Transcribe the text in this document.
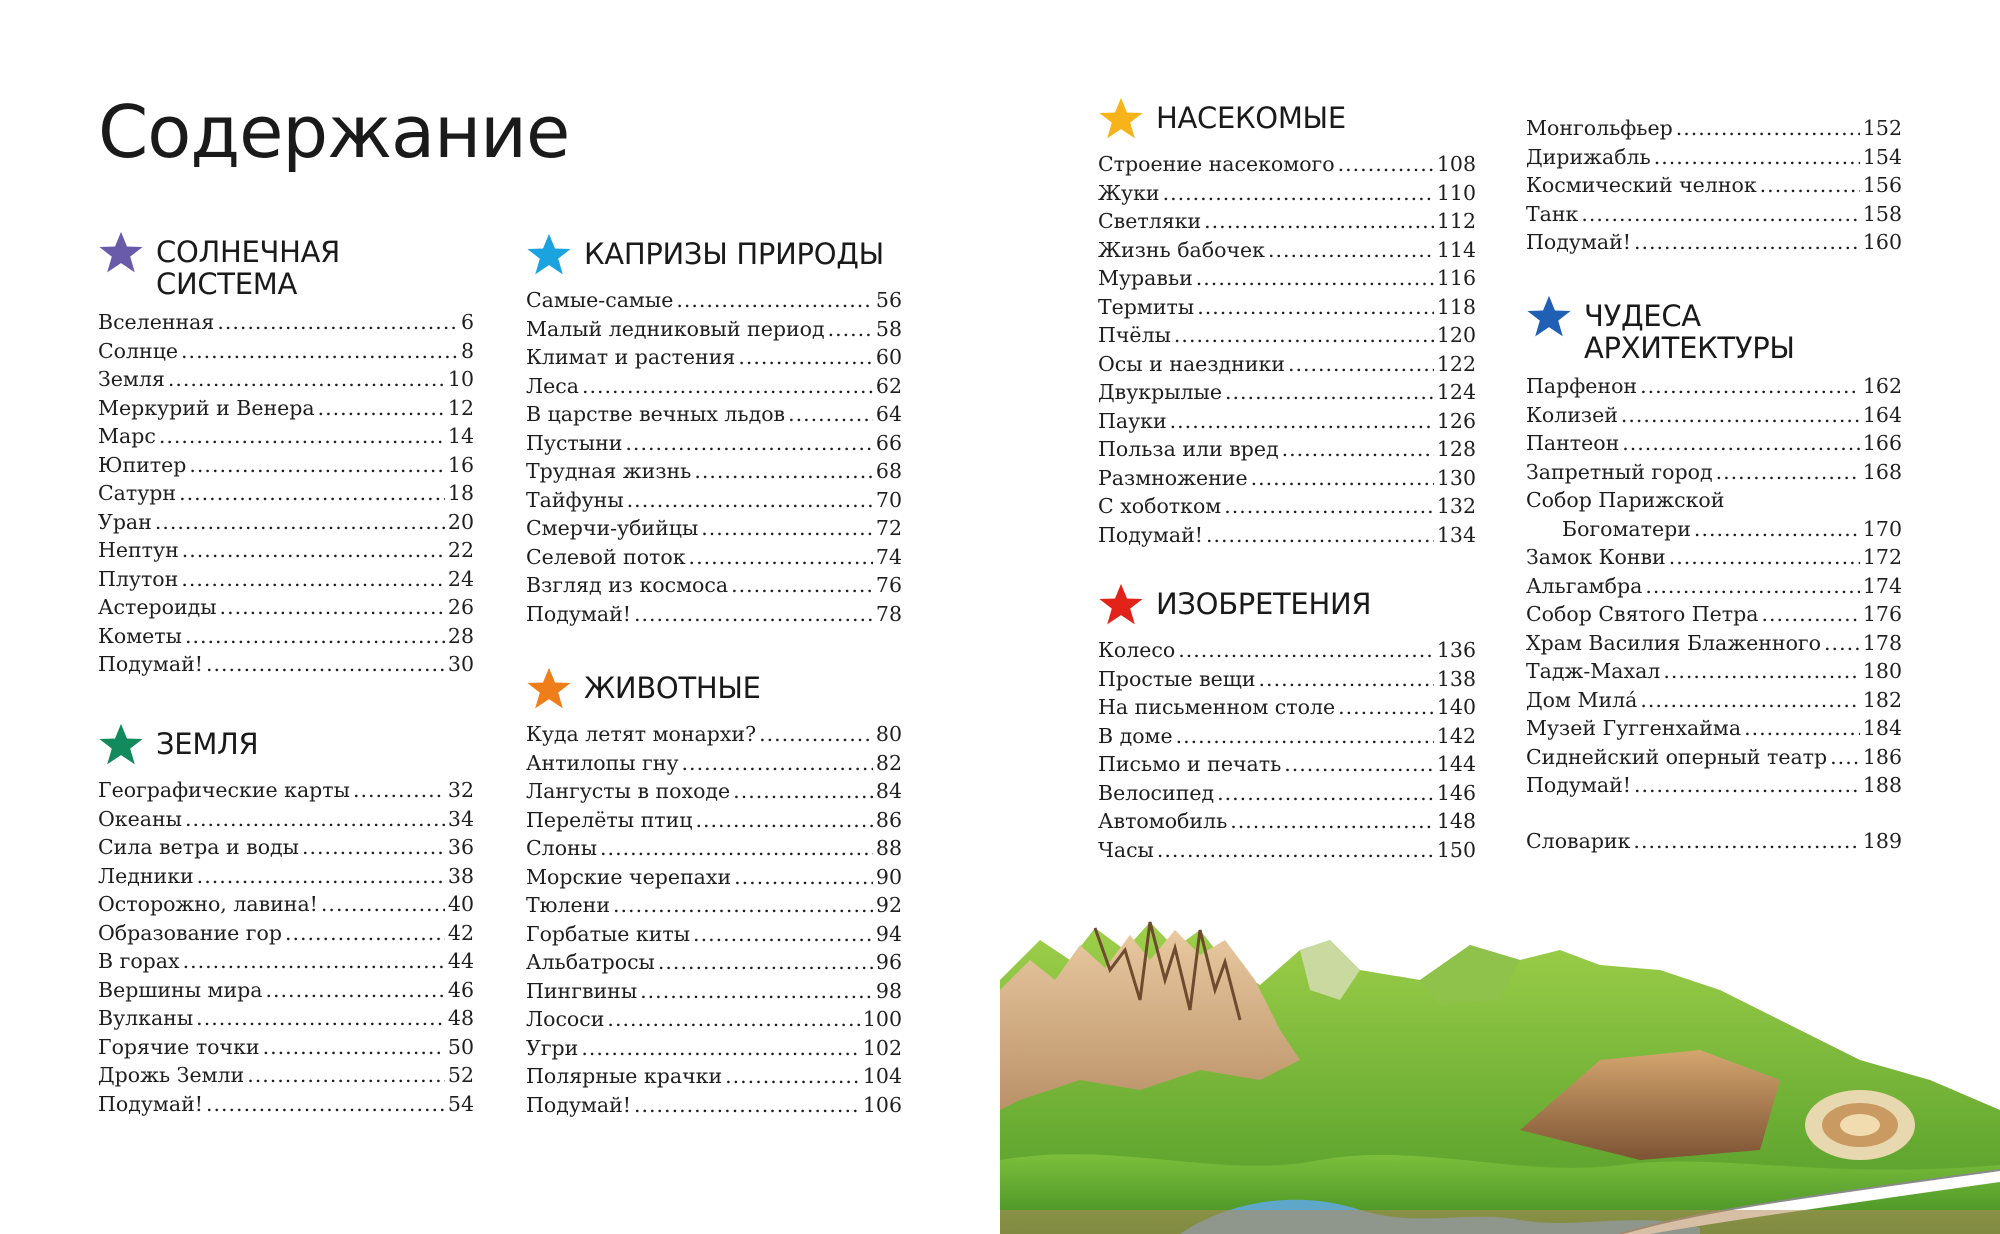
Содержание
СОЛНЕЧНАЯ
СИСТЕМА
Вселенная .....	6
Солнце .....	8
Земля .....	10
Меркурий и Венера .....	12
Марс .....	14
Юпитер .....	16
Сатурн .....	18
Уран .....	20
Нептун .....	22
Плутон .....	24
Астероиды .....	26
Кометы .....	28
Подумай! .....	30
ЗЕМЛЯ
Географические карты .....	32
Океаны .....	34
Сила ветра и воды .....	36
Ледники .....	38
Осторожно, лавина! .....	40
Образование гор .....	42
В горах .....	44
Вершины мира .....	46
Вулканы .....	48
Горячие точки .....	50
Дрожь Земли .....	52
Подумай! .....	54
КАПРИЗЫ ПРИРОДЫ
Самые-самые .....	56
Малый ледниковый период .....	58
Климат и растения .....	60
Леса .....	62
В царстве вечных льдов .....	64
Пустыни .....	66
Трудная жизнь .....	68
Тайфуны .....	70
Смерчи-убийцы .....	72
Селевой поток .....	74
Взгляд из космоса .....	76
Подумай! .....	78
ЖИВОТНЫЕ
Куда летят монархи? .....	80
Антилопы гну .....	82
Лангусты в походе .....	84
Перелёты птиц .....	86
Слоны .....	88
Морские черепахи .....	90
Тюлени .....	92
Горбатые киты .....	94
Альбатросы .....	96
Пингвины .....	98
Лососи .....	100
Угри .....	102
Полярные крачки .....	104
Подумай! .....	106
НАСЕКОМЫЕ
Строение насекомого .....	108
Жуки .....	110
Светляки .....	112
Жизнь бабочек .....	114
Муравьи .....	116
Термиты .....	118
Пчёлы .....	120
Осы и наездники .....	122
Двукрылые .....	124
Пауки .....	126
Польза или вред .....	128
Размножение .....	130
С хоботком .....	132
Подумай! .....	134
ИЗОБРЕТЕНИЯ
Колесо .....	136
Простые вещи .....	138
На письменном столе .....	140
В доме .....	142
Письмо и печать .....	144
Велосипед .....	146
Автомобиль .....	148
Часы .....	150
Монгольфьер .....	152
Дирижабль .....	154
Космический челнок .....	156
Танк .....	158
Подумай! .....	160
ЧУДЕСА
АРХИТЕКТУРЫ
Парфенон .....	162
Колизей .....	164
Пантеон .....	166
Запретный город .....	168
Собор Парижской
Богоматери .....	170
Замок Конви .....	172
Альгамбра .....	174
Собор Святого Петра .....	176
Храм Василия Блаженного ..... 178
Тадж-Махал .....	180
Дом Мила́ .....	182
Музей Гуггенхайма .....	184
Сиднейский оперный театр ..... 186
Подумай! .....	188
Словарик .....	189
